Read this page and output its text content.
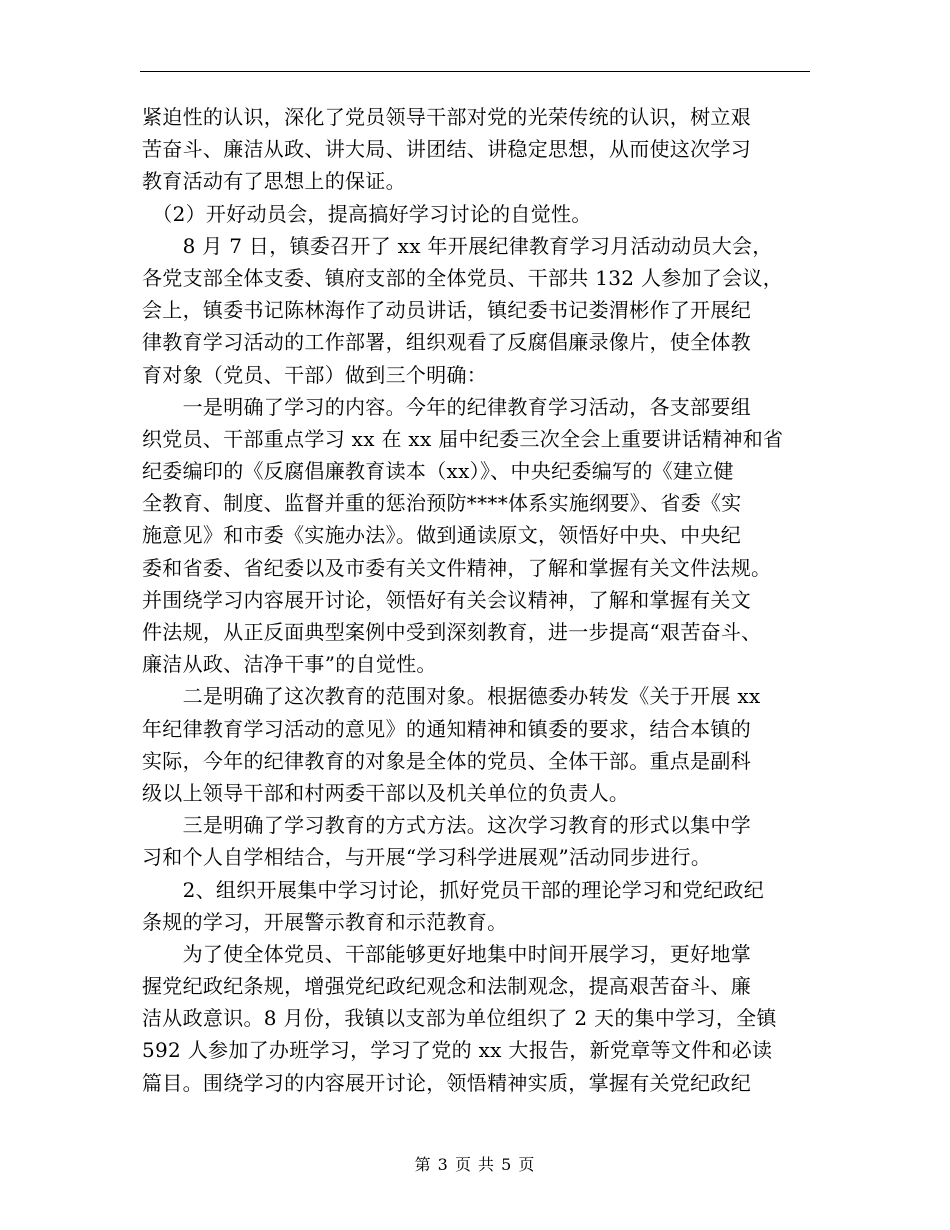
紧迫性的认识，深化了党员领导干部对党的光荣传统的认识，树立艰
苦奋斗、廉洁从政、讲大局、讲团结、讲稳定思想，从而使这次学习
教育活动有了思想上的保证。
　（2）开好动员会，提高搞好学习讨论的自觉性。
　　8 月 7 日，镇委召开了 xx 年开展纪律教育学习月活动动员大会，
各党支部全体支委、镇府支部的全体党员、干部共 132 人参加了会议，
会上，镇委书记陈林海作了动员讲话，镇纪委书记娄渭彬作了开展纪
律教育学习活动的工作部署，组织观看了反腐倡廉录像片，使全体教
育对象（党员、干部）做到三个明确：
　　一是明确了学习的内容。今年的纪律教育学习活动，各支部要组
织党员、干部重点学习 xx 在 xx 届中纪委三次全会上重要讲话精神和省
纪委编印的《反腐倡廉教育读本（xx）》、中央纪委编写的《建立健
全教育、制度、监督并重的惩治预防****体系实施纲要》、省委《实
施意见》和市委《实施办法》。做到通读原文，领悟好中央、中央纪
委和省委、省纪委以及市委有关文件精神，了解和掌握有关文件法规。
并围绕学习内容展开讨论，领悟好有关会议精神，了解和掌握有关文
件法规，从正反面典型案例中受到深刻教育，进一步提高“艰苦奋斗、
廉洁从政、洁净干事”的自觉性。
　　二是明确了这次教育的范围对象。根据德委办转发《关于开展 xx
年纪律教育学习活动的意见》的通知精神和镇委的要求，结合本镇的
实际，今年的纪律教育的对象是全体的党员、全体干部。重点是副科
级以上领导干部和村两委干部以及机关单位的负责人。
　　三是明确了学习教育的方式方法。这次学习教育的形式以集中学
习和个人自学相结合，与开展“学习科学进展观”活动同步进行。
　　2、组织开展集中学习讨论，抓好党员干部的理论学习和党纪政纪
条规的学习，开展警示教育和示范教育。
　　为了使全体党员、干部能够更好地集中时间开展学习，更好地掌
握党纪政纪条规，增强党纪政纪观念和法制观念，提高艰苦奋斗、廉
洁从政意识。8 月份，我镇以支部为单位组织了 2 天的集中学习，全镇
592 人参加了办班学习，学习了党的 xx 大报告，新党章等文件和必读
篇目。围绕学习的内容展开讨论，领悟精神实质，掌握有关党纪政纪
第 3 页 共 5 页
